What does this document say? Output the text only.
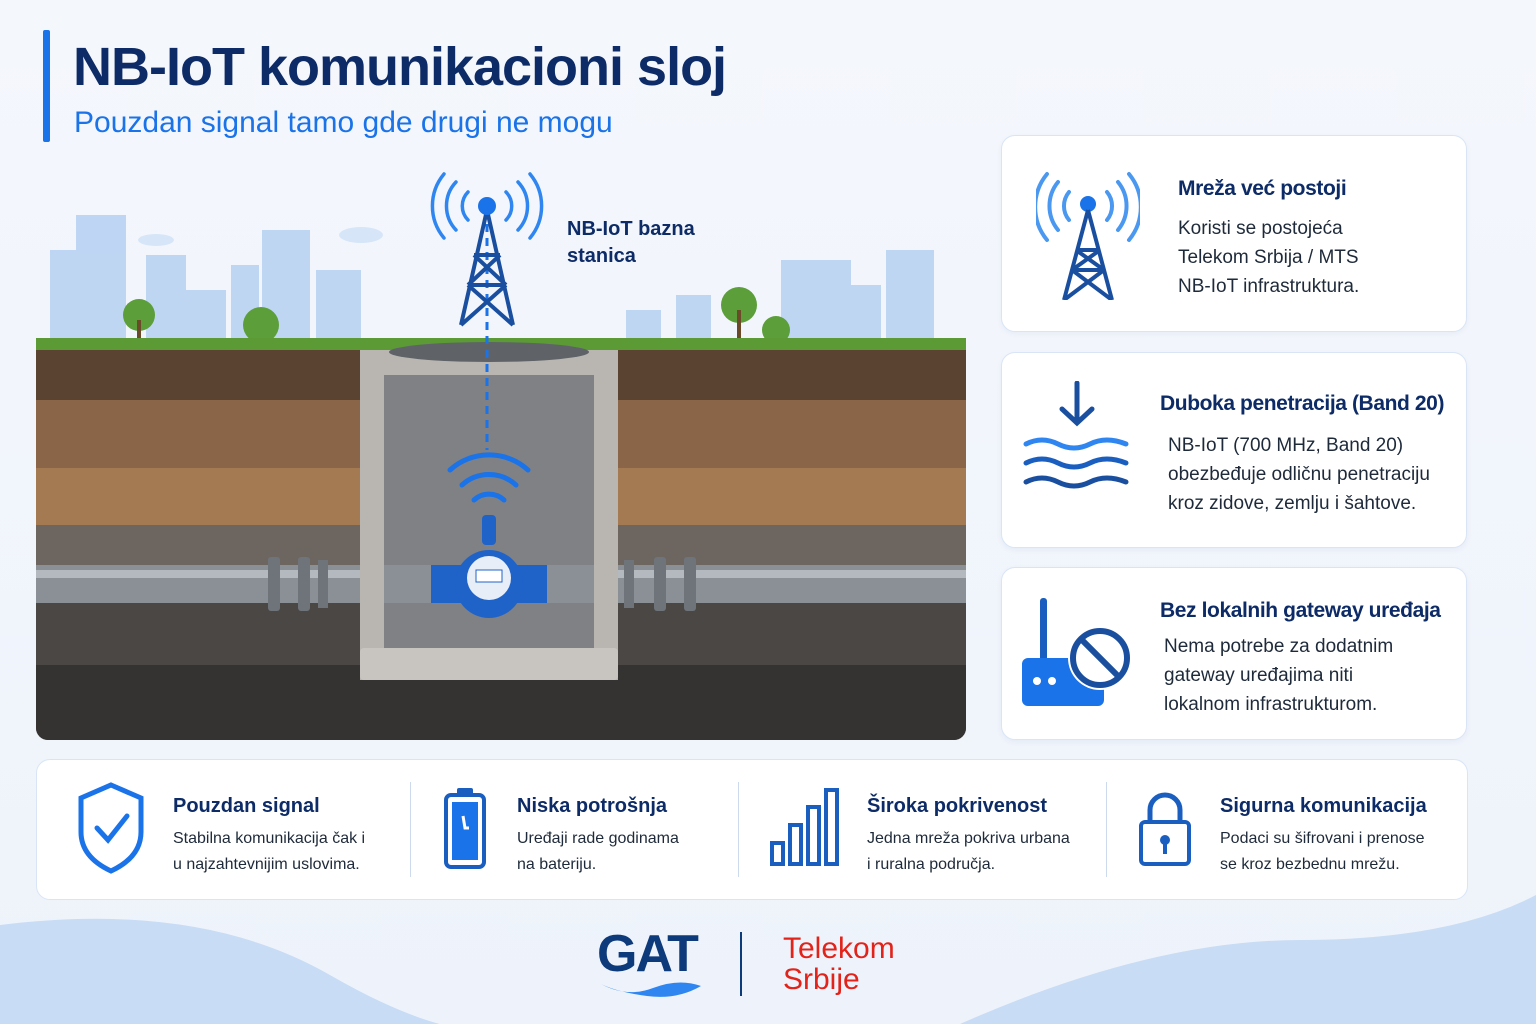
NB-IoT komunikacioni sloj
Pouzdan signal tamo gde drugi ne mogu
NB-IoT bazna
stanica
Mreža već postoji

Koristi se postojeća
Telekom Srbija / MTS
NB-IoT infrastruktura.

Duboka penetracija (Band 20)

NB-IoT (700 MHz, Band 20)
obezbeđuje odličnu penetraciju
kroz zidove, zemlju i šahtove.

Bez lokalnih gateway uređaja

Nema potrebe za dodatnim
gateway uređajima niti
lokalnom infrastrukturom.

Pouzdan signal

Stabilna komunikacija čak i
u najzahtevnijim uslovima.

Niska potrošnja

Uređaji rade godinama
na bateriju.

Široka pokrivenost

Jedna mreža pokriva urbana
i ruralna područja.

Sigurna komunikacija

Podaci su šifrovani i prenose
se kroz bezbednu mrežu.

GAT	Telekom
Srbije
